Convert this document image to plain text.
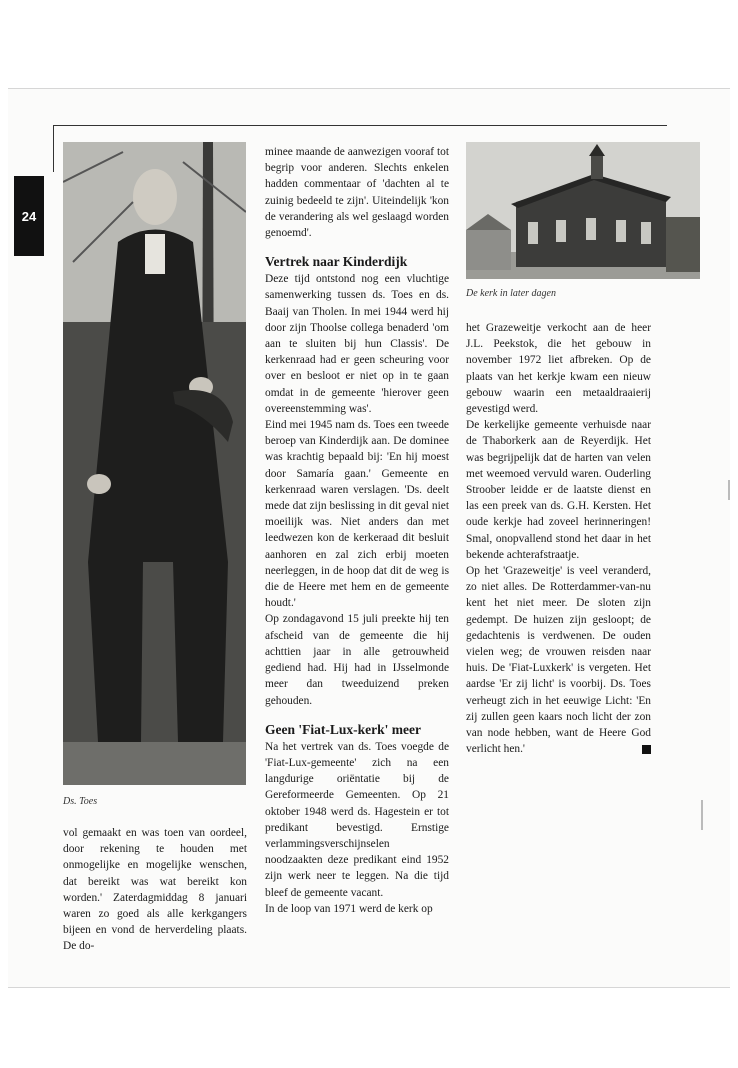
24

Ds. Toes

De kerk in later dagen

vol gemaakt en was toen van oordeel, door rekening te houden met onmogelijke en mogelijke wenschen, dat bereikt was wat bereikt kon worden.' Zaterdagmiddag 8 januari waren zo goed als alle kerkgangers bijeen en vond de herverdeling plaats. De do-

minee maande de aanwezigen vooraf tot begrip voor anderen. Slechts enkelen hadden commentaar of 'dachten al te zuinig bedeeld te zijn'. Uiteindelijk 'kon de verandering als wel geslaagd worden genoemd'.

Vertrek naar Kinderdijk

Deze tijd ontstond nog een vluchtige samenwerking tussen ds. Toes en ds. Baaij van Tholen. In mei 1944 werd hij door zijn Thoolse collega benaderd 'om aan te sluiten bij hun Classis'. De kerkenraad had er geen scheuring voor over en besloot er niet op in te gaan omdat in de gemeente 'hierover geen overeenstemming was'.

Eind mei 1945 nam ds. Toes een tweede beroep van Kinderdijk aan. De dominee was krachtig bepaald bij: 'En hij moest door Samaría gaan.' Gemeente en kerkenraad waren verslagen. 'Ds. deelt mede dat zijn beslissing in dit geval niet moeilijk was. Niet anders dan met leedwezen kon de kerkeraad dit besluit aanhoren en zal zich erbij moeten neerleggen, in de hoop dat dit de weg is die de Heere met hem en de gemeente houdt.'

Op zondagavond 15 juli preekte hij ten afscheid van de gemeente die hij achttien jaar in alle getrouwheid gediend had. Hij had in IJsselmonde meer dan tweeduizend preken gehouden.

Geen 'Fiat-Lux-kerk' meer

Na het vertrek van ds. Toes voegde de 'Fiat-Lux-gemeente' zich na een langdurige oriëntatie bij de Gereformeerde Gemeenten. Op 21 oktober 1948 werd ds. Hagestein er tot predikant bevestigd. Ernstige verlammingsverschijnselen noodzaakten deze predikant eind 1952 zijn werk neer te leggen. Na die tijd bleef de gemeente vacant.

In de loop van 1971 werd de kerk op

het Grazeweitje verkocht aan de heer J.L. Peekstok, die het gebouw in november 1972 liet afbreken. Op de plaats van het kerkje kwam een nieuw gebouw waarin een metaaldraaierij gevestigd werd.

De kerkelijke gemeente verhuisde naar de Thaborkerk aan de Reyerdijk. Het was begrijpelijk dat de harten van velen met weemoed vervuld waren. Ouderling Stroober leidde er de laatste dienst en las een preek van ds. G.H. Kersten. Het oude kerkje had zoveel herinneringen! Smal, onopvallend stond het daar in het bekende achterafstraatje.

Op het 'Grazeweitje' is veel veranderd, zo niet alles. De Rotterdammer-van-nu kent het niet meer. De sloten zijn gedempt. De huizen zijn gesloopt; de gedachtenis is verdwenen. De ouden vielen weg; de vrouwen reisden naar huis. De 'Fiat-Luxkerk' is vergeten. Het aardse 'Er zij licht' is voorbij. Ds. Toes verheugt zich in het eeuwige Licht: 'En zij zullen geen kaars noch licht der zon van node hebben, want de Heere God verlicht hen.'
